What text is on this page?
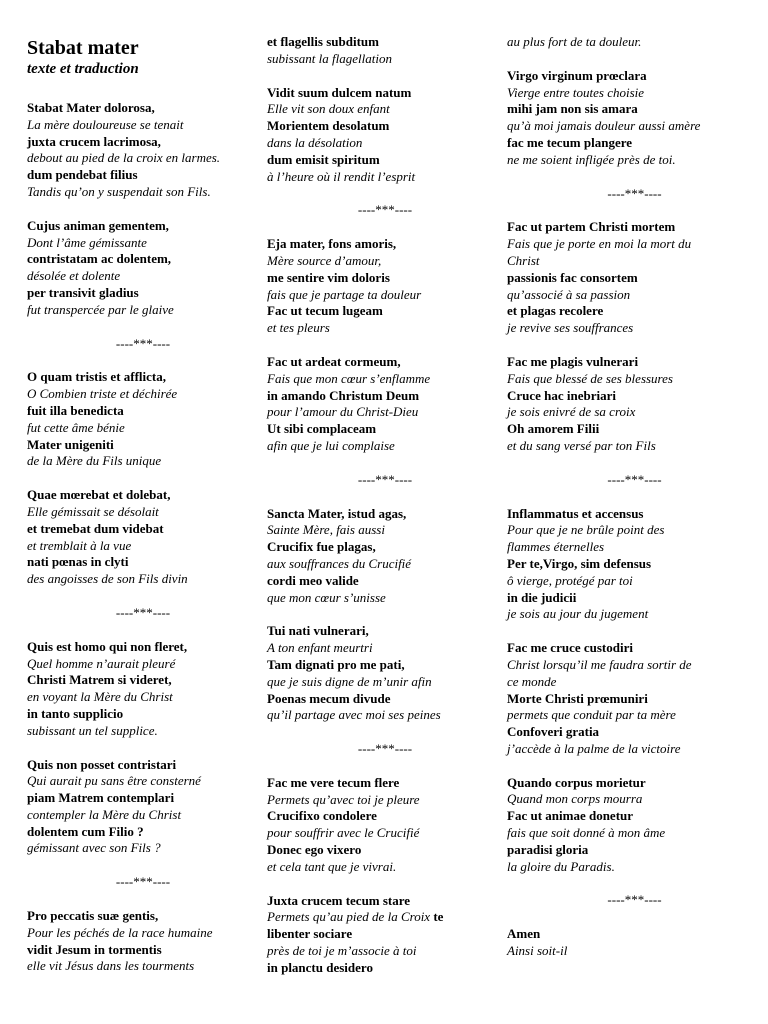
Stabat mater
texte et traduction
Stabat Mater dolorosa,
La mère douloureuse se tenait
juxta crucem lacrimosa,
debout au pied de la croix en larmes.
dum pendebat filius
Tandis qu’on y suspendait son Fils.
Cujus animan gementem,
Dont l’âme gémissante
contristatam ac dolentem,
désolée et dolente
per transivit gladius
fut transpercée par le glaive
----***----
O quam tristis et afflicta,
O Combien triste et déchirée
fuit illa benedicta
fut cette âme bénie
Mater unigeniti
de la Mère du Fils unique
Quae mœrebat et dolebat,
Elle gémissait se désolait
et tremebat dum videbat
et tremblait à la vue
nati pœnas in clyti
des angoisses de son Fils divin
----***----
Quis est homo qui non fleret,
Quel homme n’aurait pleuré
Christi Matrem si videret,
en voyant la Mère du Christ
in tanto supplicio
subissant un tel supplice.
Quis non posset contristari
Qui aurait pu sans être consterné
piam Matrem contemplari
contempler la Mère du Christ
dolentem cum Filio ?
gémissant avec son Fils ?
----***----
Pro peccatis suæ gentis,
Pour les péchés de la race humaine
vidit Jesum in tormentis
elle vit Jésus dans les tourments
et flagellis subditum
subissant la flagellation
Vidit suum dulcem natum
Elle vit son doux enfant
Morientem desolatum
dans la désolation
dum emisit spiritum
à l’heure où il rendit l’esprit
----***----
Eja mater, fons amoris,
Mère source d’amour,
me sentire vim doloris
fais que je partage ta douleur
Fac ut tecum lugeam
et tes pleurs
Fac ut ardeat cormeum,
Fais que mon cœur s’enflamme
in amando Christum Deum
pour l’amour du Christ-Dieu
Ut sibi complaceam
afin que je lui complaise
----***----
Sancta Mater, istud agas,
Sainte Mère, fais aussi
Crucifix fue plagas,
aux souffrances du Crucifié
cordi meo valide
que mon cœur s’unisse
Tui nati vulnerari,
A ton enfant meurtri
Tam dignati pro me pati,
que je suis digne de m’unir afin
Poenas mecum divude
qu’il partage avec moi ses peines
----***----
Fac me vere tecum flere
Permets qu’avec toi je pleure
Crucifixo condolere
pour souffrir avec le Crucifié
Donec ego vixero
et cela tant que je vivrai.
Juxta crucem tecum stare
Permets qu’au pied de la Croix te
libenter sociare
près de toi je m’associe à toi
in planctu desidero
au plus fort de ta douleur.
Virgo virginum prœclara
Vierge entre toutes choisie
mihi jam non sis amara
qu’à moi jamais douleur aussi amère
fac me tecum plangere
ne me soient infligée près de toi.
----***----
Fac ut partem Christi mortem
Fais que je porte en moi la mort du
Christ
passionis fac consortem
qu’associé à sa passion
et plagas recolere
je revive ses souffrances
Fac me plagis vulnerari
Fais que blessé de ses blessures
Cruce hac inebriari
je sois enivré de sa croix
Oh amorem Filii
et du sang versé par ton Fils
----***----
Inflammatus et accensus
Pour que je ne brûle point des
flammes éternelles
Per te,Virgo, sim defensus
ô vierge, protégé par toi
in die judicii
je sois au jour du jugement
Fac me cruce custodiri
Christ lorsqu’il me faudra sortir de
ce monde
Morte Christi prœmuniri
permets que conduit par ta mère
Confoveri gratia
j’accède à la palme de la victoire
Quando corpus morietur
Quand mon corps mourra
Fac ut animae donetur
fais que soit donné à mon âme
paradisi gloria
la gloire du Paradis.
----***----
Amen
Ainsi soit-il
